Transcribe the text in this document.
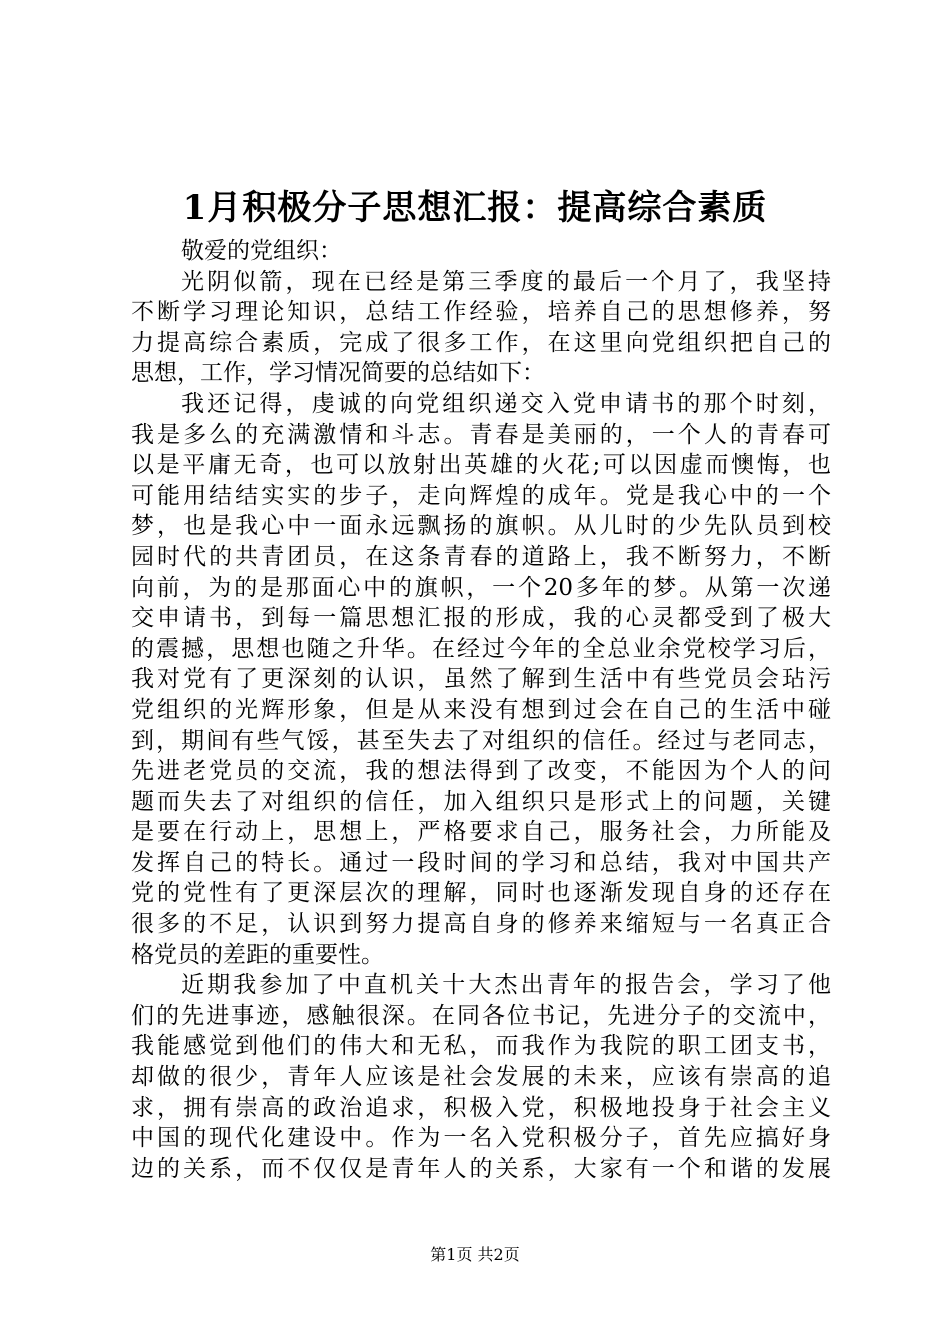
1月积极分子思想汇报：提高综合素质
敬爱的党组织：
光阴似箭，现在已经是第三季度的最后一个月了，我坚持
不断学习理论知识，总结工作经验，培养自己的思想修养，努
力提高综合素质，完成了很多工作，在这里向党组织把自己的
思想，工作，学习情况简要的总结如下：
我还记得，虔诚的向党组织递交入党申请书的那个时刻，
我是多么的充满激情和斗志。青春是美丽的，一个人的青春可
以是平庸无奇，也可以放射出英雄的火花;可以因虚而懊悔，也
可能用结结实实的步子，走向辉煌的成年。党是我心中的一个
梦，也是我心中一面永远飘扬的旗帜。从儿时的少先队员到校
园时代的共青团员，在这条青春的道路上，我不断努力，不断
向前，为的是那面心中的旗帜，一个20多年的梦。从第一次递
交申请书，到每一篇思想汇报的形成，我的心灵都受到了极大
的震撼，思想也随之升华。在经过今年的全总业余党校学习后，
我对党有了更深刻的认识，虽然了解到生活中有些党员会玷污
党组织的光辉形象，但是从来没有想到过会在自己的生活中碰
到，期间有些气馁，甚至失去了对组织的信任。经过与老同志，
先进老党员的交流，我的想法得到了改变，不能因为个人的问
题而失去了对组织的信任，加入组织只是形式上的问题，关键
是要在行动上，思想上，严格要求自己，服务社会，力所能及
发挥自己的特长。通过一段时间的学习和总结，我对中国共产
党的党性有了更深层次的理解，同时也逐渐发现自身的还存在
很多的不足，认识到努力提高自身的修养来缩短与一名真正合
格党员的差距的重要性。
近期我参加了中直机关十大杰出青年的报告会，学习了他
们的先进事迹，感触很深。在同各位书记，先进分子的交流中，
我能感觉到他们的伟大和无私，而我作为我院的职工团支书，
却做的很少，青年人应该是社会发展的未来，应该有崇高的追
求，拥有崇高的政治追求，积极入党，积极地投身于社会主义
中国的现代化建设中。作为一名入党积极分子，首先应搞好身
边的关系，而不仅仅是青年人的关系，大家有一个和谐的发展
第1页 共2页
